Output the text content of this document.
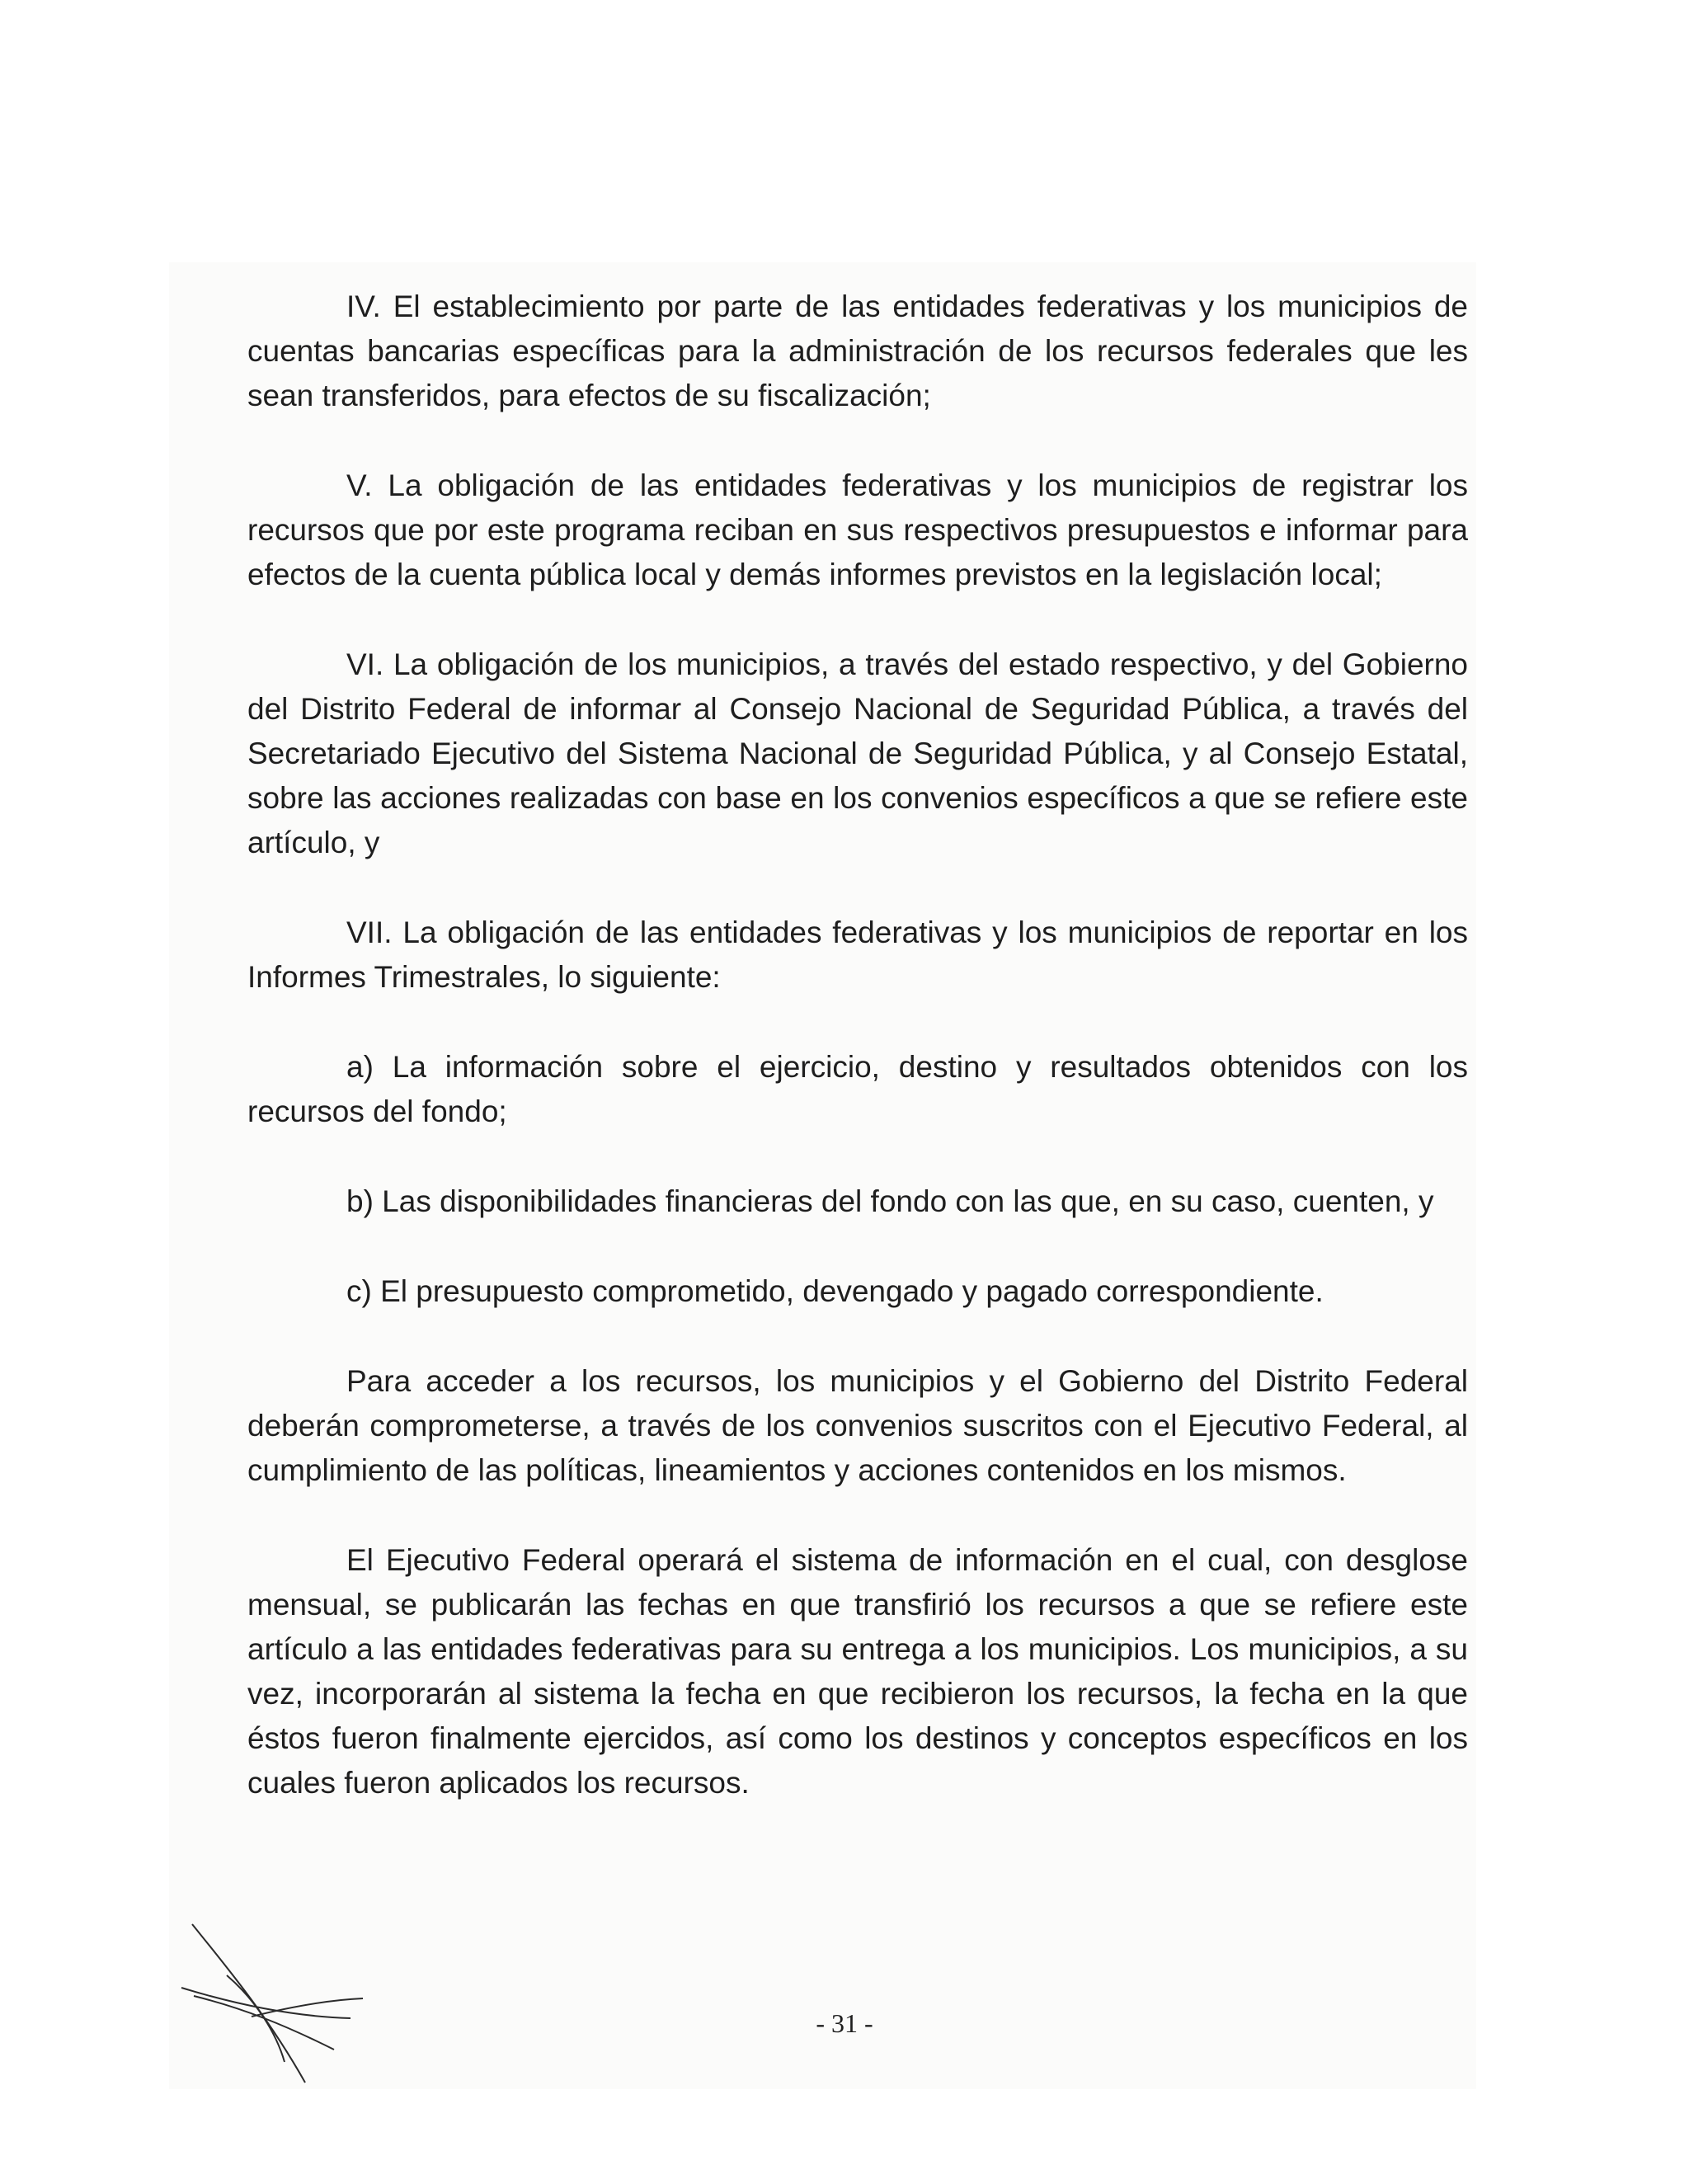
IV. El establecimiento por parte de las entidades federativas y los municipios de cuentas bancarias específicas para la administración de los recursos federales que les sean transferidos, para efectos de su fiscalización;

V. La obligación de las entidades federativas y los municipios de registrar los recursos que por este programa reciban en sus respectivos presupuestos e informar para efectos de la cuenta pública local y demás informes previstos en la legislación local;

VI. La obligación de los municipios, a través del estado respectivo, y del Gobierno del Distrito Federal de informar al Consejo Nacional de Seguridad Pública, a través del Secretariado Ejecutivo del Sistema Nacional de Seguridad Pública, y al Consejo Estatal, sobre las acciones realizadas con base en los convenios específicos a que se refiere este artículo, y

VII. La obligación de las entidades federativas y los municipios de reportar en los Informes Trimestrales, lo siguiente:

a) La información sobre el ejercicio, destino y resultados obtenidos con los recursos del fondo;

b) Las disponibilidades financieras del fondo con las que, en su caso, cuenten, y

c) El presupuesto comprometido, devengado y pagado correspondiente.

Para acceder a los recursos, los municipios y el Gobierno del Distrito Federal deberán comprometerse, a través de los convenios suscritos con el Ejecutivo Federal, al cumplimiento de las políticas, lineamientos y acciones contenidos en los mismos.

El Ejecutivo Federal operará el sistema de información en el cual, con desglose mensual, se publicarán las fechas en que transfirió los recursos a que se refiere este artículo a las entidades federativas para su entrega a los municipios. Los municipios, a su vez, incorporarán al sistema la fecha en que recibieron los recursos, la fecha en la que éstos fueron finalmente ejercidos, así como los destinos y conceptos específicos en los cuales fueron aplicados los recursos.

- 31 -
